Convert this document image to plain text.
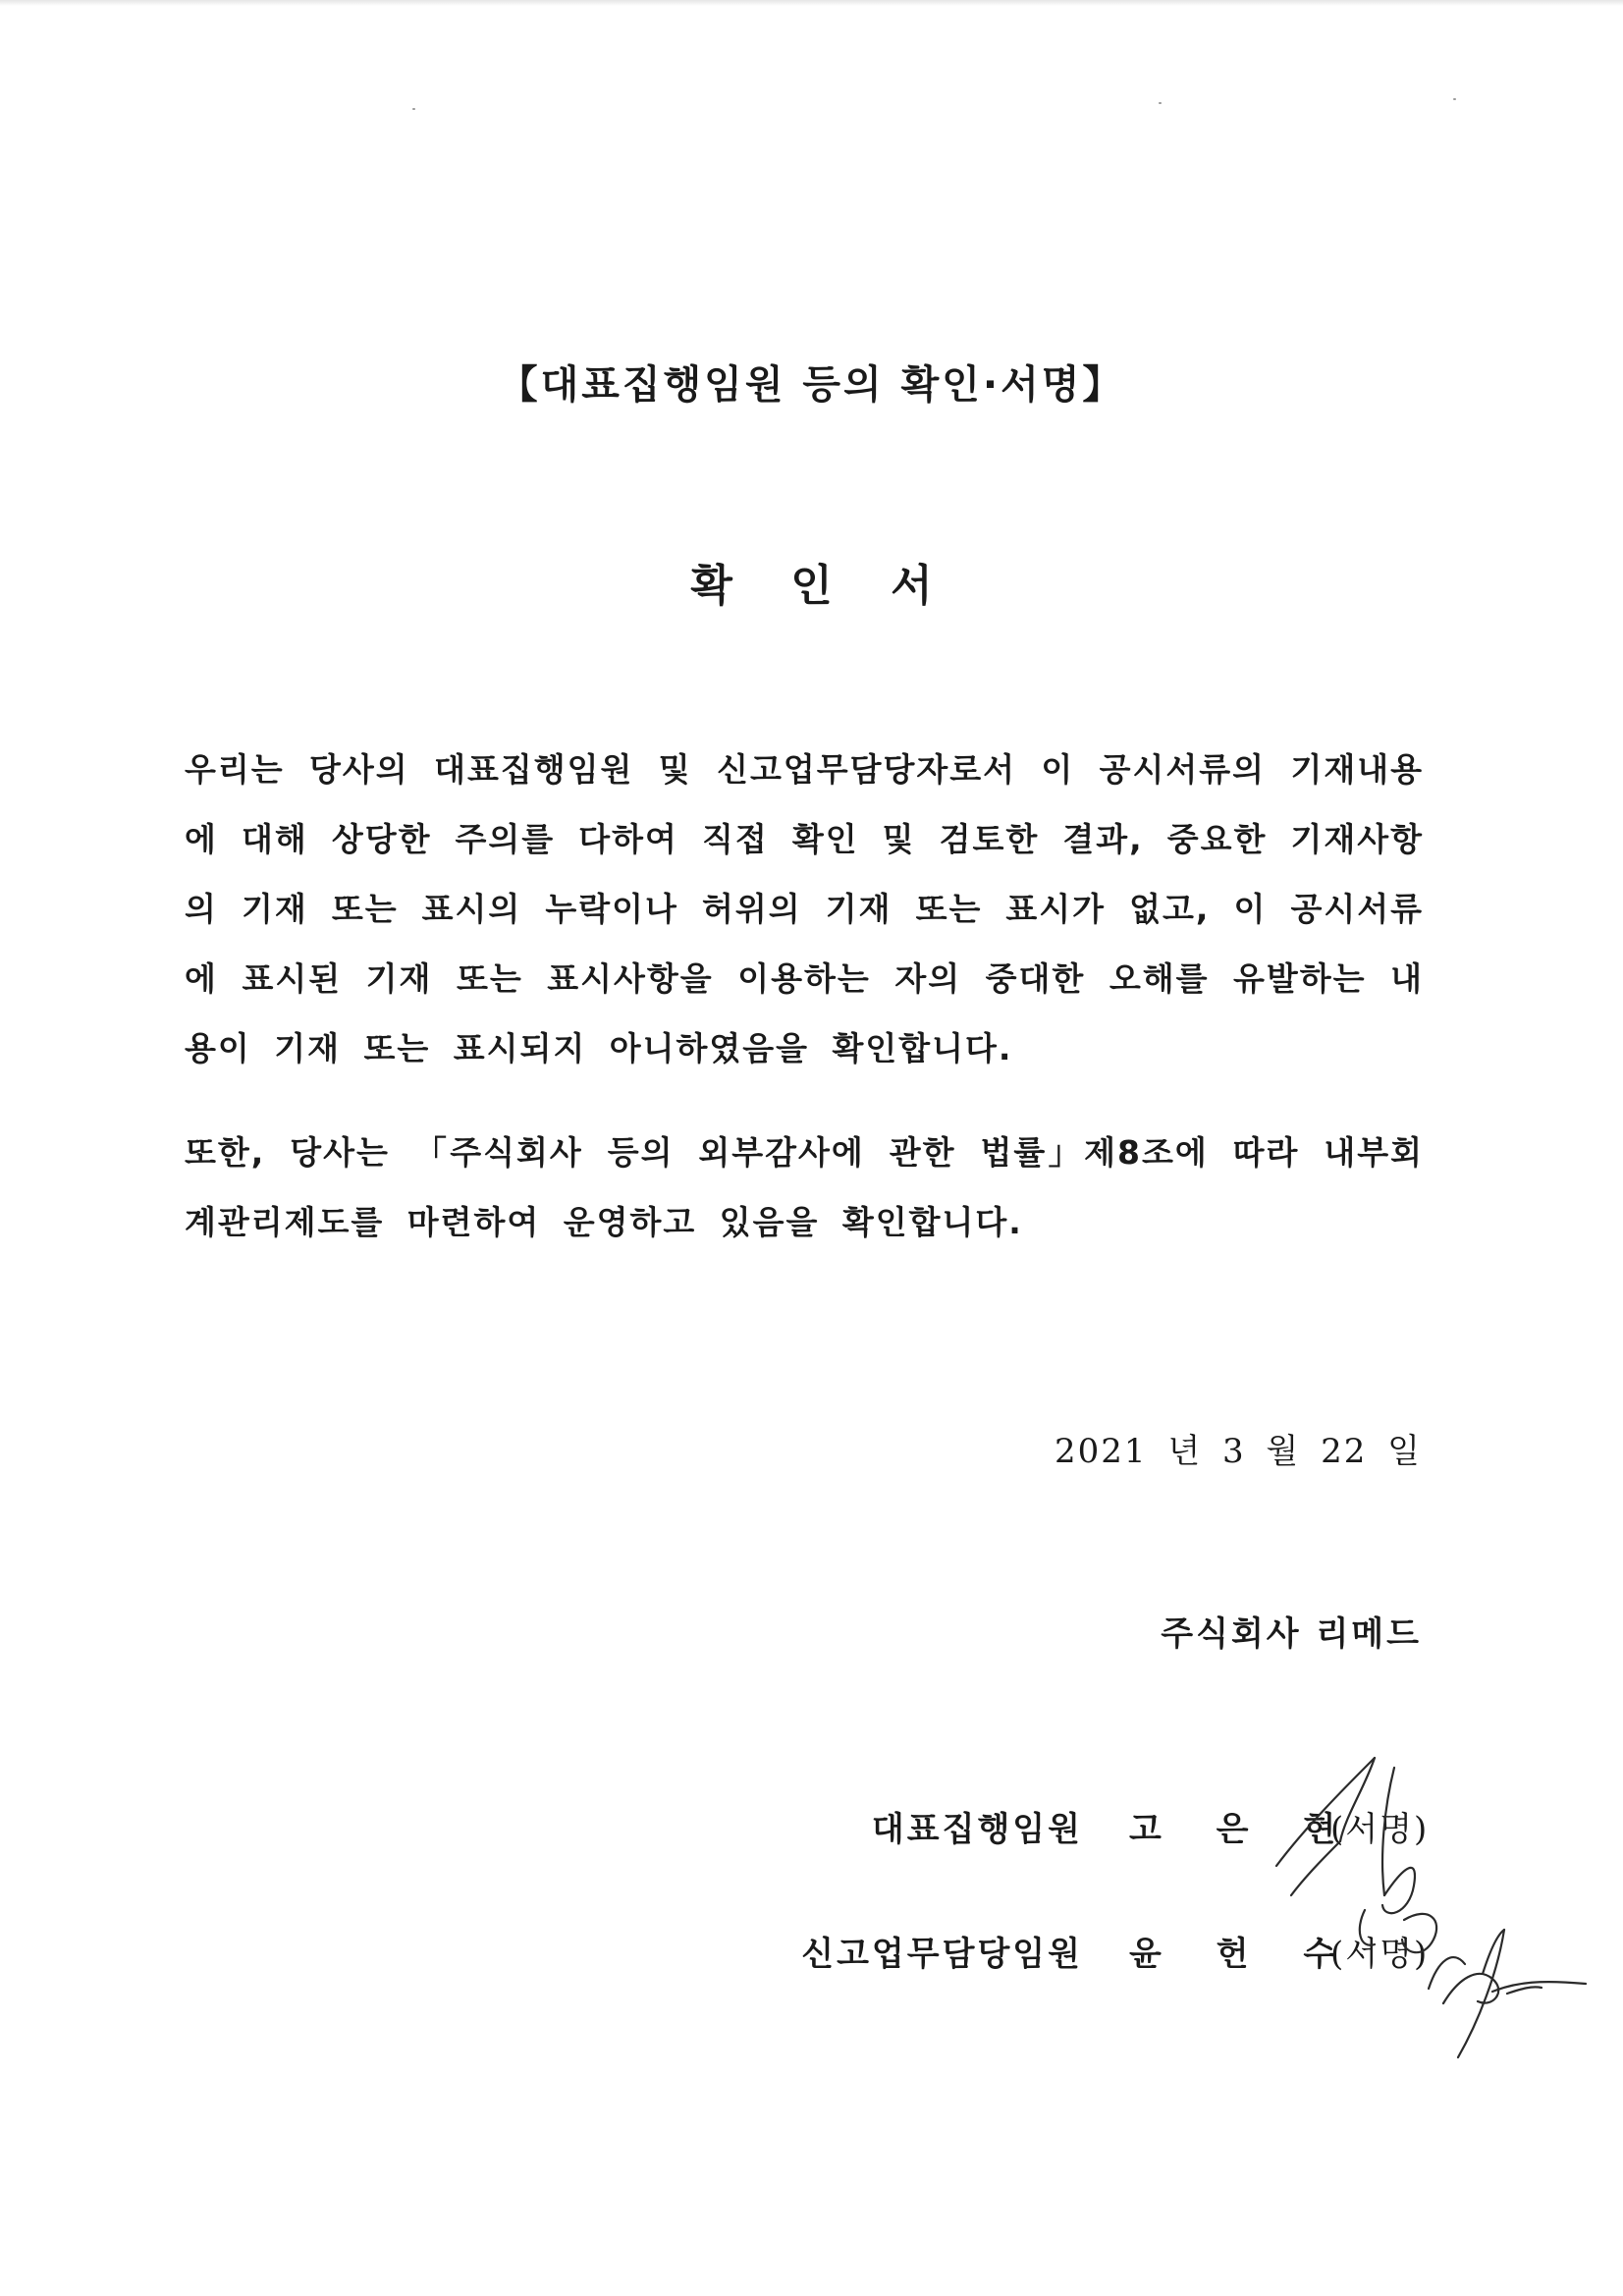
【대표집행임원 등의 확인·서명】
확 인 서
우리는 당사의 대표집행임원 및 신고업무담당자로서 이 공시서류의 기재내용에 대해 상당한 주의를 다하여 직접 확인 및 검토한 결과, 중요한 기재사항의 기재 또는 표시의 누락이나 허위의 기재 또는 표시가 없고, 이 공시서류에 표시된 기재 또는 표시사항을 이용하는 자의 중대한 오해를 유발하는 내용이 기재 또는 표시되지 아니하였음을 확인합니다.
또한, 당사는 「주식회사 등의 외부감사에 관한 법률」제8조에 따라 내부회계관리제도를 마련하여 운영하고 있음을 확인합니다.
2021 년 3 월 22 일
주식회사 리메드
대표집행임원 고 은 현
(서명)
신고업무담당임원 윤 헌 수
(서명)
